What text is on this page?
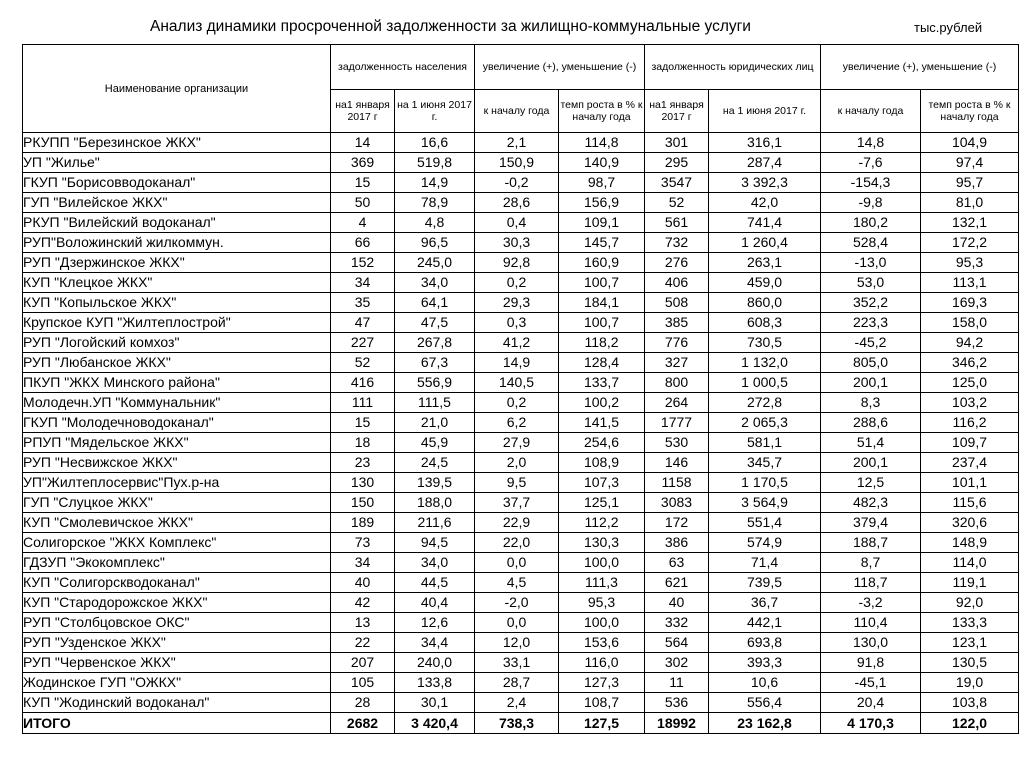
Анализ динамики просроченной задолженности за жилищно-коммунальные услуги	тыс.рублей
Наименование организации	задолженность населения		увеличение (+), уменьшение (-)		задолженность юридических лиц		увеличение (+), уменьшение (-)	
	на1 января 2017 г	на 1 июня 2017 г.	к началу года	темп роста в % к началу года	на1 января 2017 г	на 1 июня 2017 г.	к началу года	темп роста в % к началу года
РКУПП "Березинское ЖКХ"	14	16,6	2,1	114,8	301	316,1	14,8	104,9
УП "Жилье"	369	519,8	150,9	140,9	295	287,4	-7,6	97,4
ГКУП "Борисовводоканал"	15	14,9	-0,2	98,7	3547	3 392,3	-154,3	95,7
ГУП "Вилейское ЖКХ"	50	78,9	28,6	156,9	52	42,0	-9,8	81,0
РКУП "Вилейский водоканал"	4	4,8	0,4	109,1	561	741,4	180,2	132,1
РУП"Воложинский жилкоммун.	66	96,5	30,3	145,7	732	1 260,4	528,4	172,2
РУП "Дзержинское ЖКХ"	152	245,0	92,8	160,9	276	263,1	-13,0	95,3
КУП "Клецкое ЖКХ"	34	34,0	0,2	100,7	406	459,0	53,0	113,1
КУП "Копыльское ЖКХ"	35	64,1	29,3	184,1	508	860,0	352,2	169,3
Крупское КУП "Жилтеплострой"	47	47,5	0,3	100,7	385	608,3	223,3	158,0
РУП "Логойский комхоз"	227	267,8	41,2	118,2	776	730,5	-45,2	94,2
РУП "Любанское ЖКХ"	52	67,3	14,9	128,4	327	1 132,0	805,0	346,2
ПКУП "ЖКХ Минского района"	416	556,9	140,5	133,7	800	1 000,5	200,1	125,0
Молодечн.УП "Коммунальник"	111	111,5	0,2	100,2	264	272,8	8,3	103,2
ГКУП "Молодечноводоканал"	15	21,0	6,2	141,5	1777	2 065,3	288,6	116,2
РПУП "Мядельское ЖКХ"	18	45,9	27,9	254,6	530	581,1	51,4	109,7
РУП "Несвижское ЖКХ"	23	24,5	2,0	108,9	146	345,7	200,1	237,4
УП"Жилтеплосервис"Пух.р-на	130	139,5	9,5	107,3	1158	1 170,5	12,5	101,1
ГУП "Слуцкое ЖКХ"	150	188,0	37,7	125,1	3083	3 564,9	482,3	115,6
КУП "Смолевичское ЖКХ"	189	211,6	22,9	112,2	172	551,4	379,4	320,6
Солигорское "ЖКХ Комплекс"	73	94,5	22,0	130,3	386	574,9	188,7	148,9
ГДЗУП "Экокомплекс"	34	34,0	0,0	100,0	63	71,4	8,7	114,0
КУП "Солигорскводоканал"	40	44,5	4,5	111,3	621	739,5	118,7	119,1
КУП "Стародорожское ЖКХ"	42	40,4	-2,0	95,3	40	36,7	-3,2	92,0
РУП "Столбцовское ОКС"	13	12,6	0,0	100,0	332	442,1	110,4	133,3
РУП "Узденское ЖКХ"	22	34,4	12,0	153,6	564	693,8	130,0	123,1
РУП "Червенское ЖКХ"	207	240,0	33,1	116,0	302	393,3	91,8	130,5
Жодинское ГУП "ОЖКХ"	105	133,8	28,7	127,3	11	10,6	-45,1	19,0
КУП "Жодинский водоканал"	28	30,1	2,4	108,7	536	556,4	20,4	103,8
ИТОГО	2682	3 420,4	738,3	127,5	18992	23 162,8	4 170,3	122,0
